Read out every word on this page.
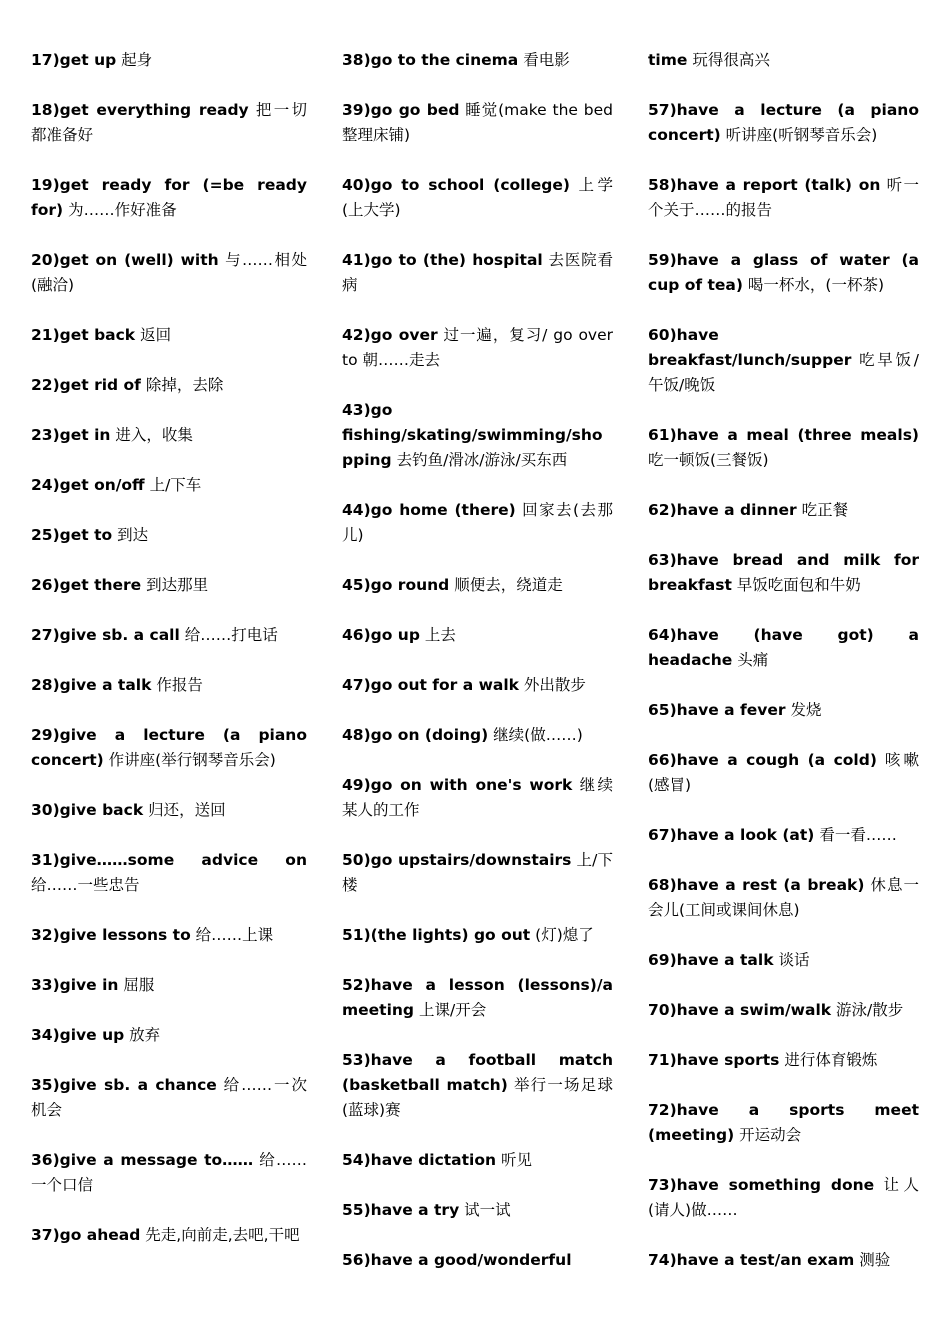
17)get up 起身
18)get everything ready 把一切都准备好
19)get ready for (=be ready for) 为……作好准备
20)get on (well) with 与……相处(融洽)
21)get back 返回
22)get rid of 除掉，去除
23)get in 进入，收集
24)get on/off 上/下车
25)get to 到达
26)get there 到达那里
27)give sb. a call 给……打电话
28)give a talk 作报告
29)give a lecture (a piano concert) 作讲座(举行钢琴音乐会)
30)give back 归还，送回
31)give……some advice on 给……一些忠告
32)give lessons to 给……上课
33)give in 屈服
34)give up 放弃
35)give sb. a chance 给……一次机会
36)give a message to…… 给……一个口信
37)go ahead 先走,向前走,去吧,干吧
38)go to the cinema 看电影
39)go go bed 睡觉(make the bed 整理床铺)
40)go to school (college) 上学(上大学)
41)go to (the) hospital 去医院看病
42)go over 过一遍，复习/ go over to 朝……走去
43)go fishing/skating/swimming/shopping 去钓鱼/滑冰/游泳/买东西
44)go home (there) 回家去(去那儿)
45)go round 顺便去，绕道走
46)go up 上去
47)go out for a walk 外出散步
48)go on (doing) 继续(做……)
49)go on with one's work 继续某人的工作
50)go upstairs/downstairs 上/下楼
51)(the lights) go out (灯)熄了
52)have a lesson (lessons)/a meeting 上课/开会
53)have a football match (basketball match) 举行一场足球(蓝球)赛
54)have dictation 听见
55)have a try 试一试
56)have a good/wonderful
time 玩得很高兴
57)have a lecture (a piano concert) 听讲座(听钢琴音乐会)
58)have a report (talk) on 听一个关于……的报告
59)have a glass of water (a cup of tea) 喝一杯水，(一杯茶)
60)have breakfast/lunch/supper 吃早饭/午饭/晚饭
61)have a meal (three meals) 吃一顿饭(三餐饭)
62)have a dinner 吃正餐
63)have bread and milk for breakfast 早饭吃面包和牛奶
64)have (have got) a headache 头痛
65)have a fever 发烧
66)have a cough (a cold) 咳嗽(感冒)
67)have a look (at) 看一看……
68)have a rest (a break) 休息一会儿(工间或课间休息)
69)have a talk 谈话
70)have a swim/walk 游泳/散步
71)have sports 进行体育锻炼
72)have a sports meet (meeting) 开运动会
73)have something done 让人(请人)做……
74)have a test/an exam 测验
